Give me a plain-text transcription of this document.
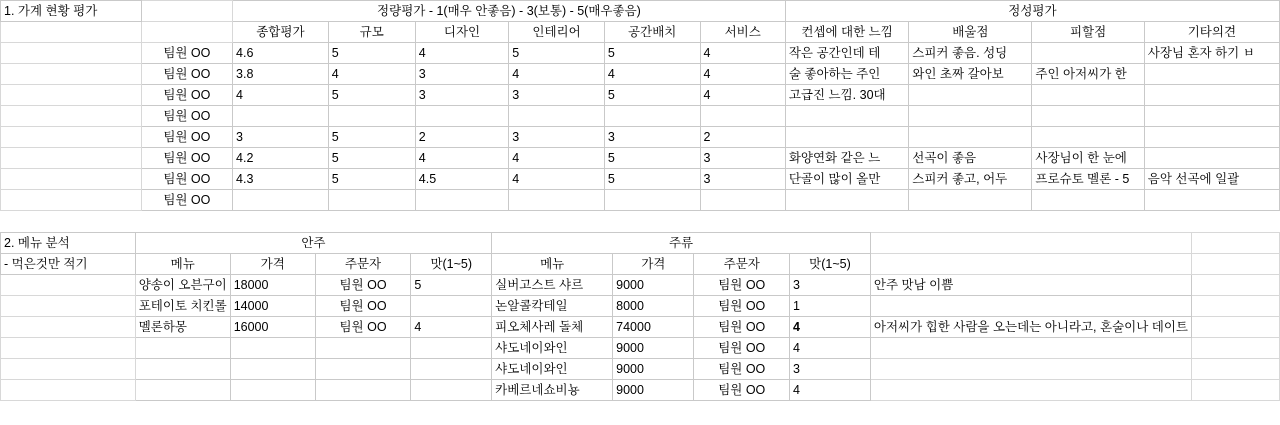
1. 가계 현황 평가		정량평가 - 1(매우 안좋음) - 3(보통) - 5(매우좋음)						정성평가			
		종합평가	규모	디자인	인테리어	공간배치	서비스	컨셉에 대한 느낌	배울점	피할점	기타의견
	팀원 OO	4.6	5	4	5	5	4	작은 공간인데 테	스피커 좋음. 성딩		사장님 혼자 하기 ㅂ
	팀원 OO	3.8	4	3	4	4	4	술 좋아하는 주인	와인 초짜 갈아보	주인 아저씨가 한	
	팀원 OO	4	5	3	3	5	4	고급진 느낌. 30대			
	팀원 OO										
	팀원 OO	3	5	2	3	3	2				
	팀원 OO	4.2	5	4	4	5	3	화양연화 같은 느	선곡이 좋음	사장님이 한 눈에	
	팀원 OO	4.3	5	4.5	4	5	3	단골이 많이 올만	스피커 좋고, 어두	프로슈토 멜론 - 5	음악 선곡에 일괄
	팀원 OO										
2. 메뉴 분석	안주				주류					
- 먹은것만 적기	메뉴	가격	주문자	맛(1~5)	메뉴	가격	주문자	맛(1~5)		
	양송이 오븐구이	18000	팀원 OO	5	실버고스트 샤르	9000	팀원 OO	3	안주 맛남 이쁨	
	포테이토 치킨롤	14000	팀원 OO		논알콜칵테일	8000	팀원 OO	1		
	멜론하몽	16000	팀원 OO	4	피오체사레 돌체	74000	팀원 OO	4	아저씨가 힙한 사람을 오는데는 아니라고, 혼술이나 데이트	
					샤도네이와인	9000	팀원 OO	4		
					샤도네이와인	9000	팀원 OO	3		
					카베르네쇼비뇽	9000	팀원 OO	4		
